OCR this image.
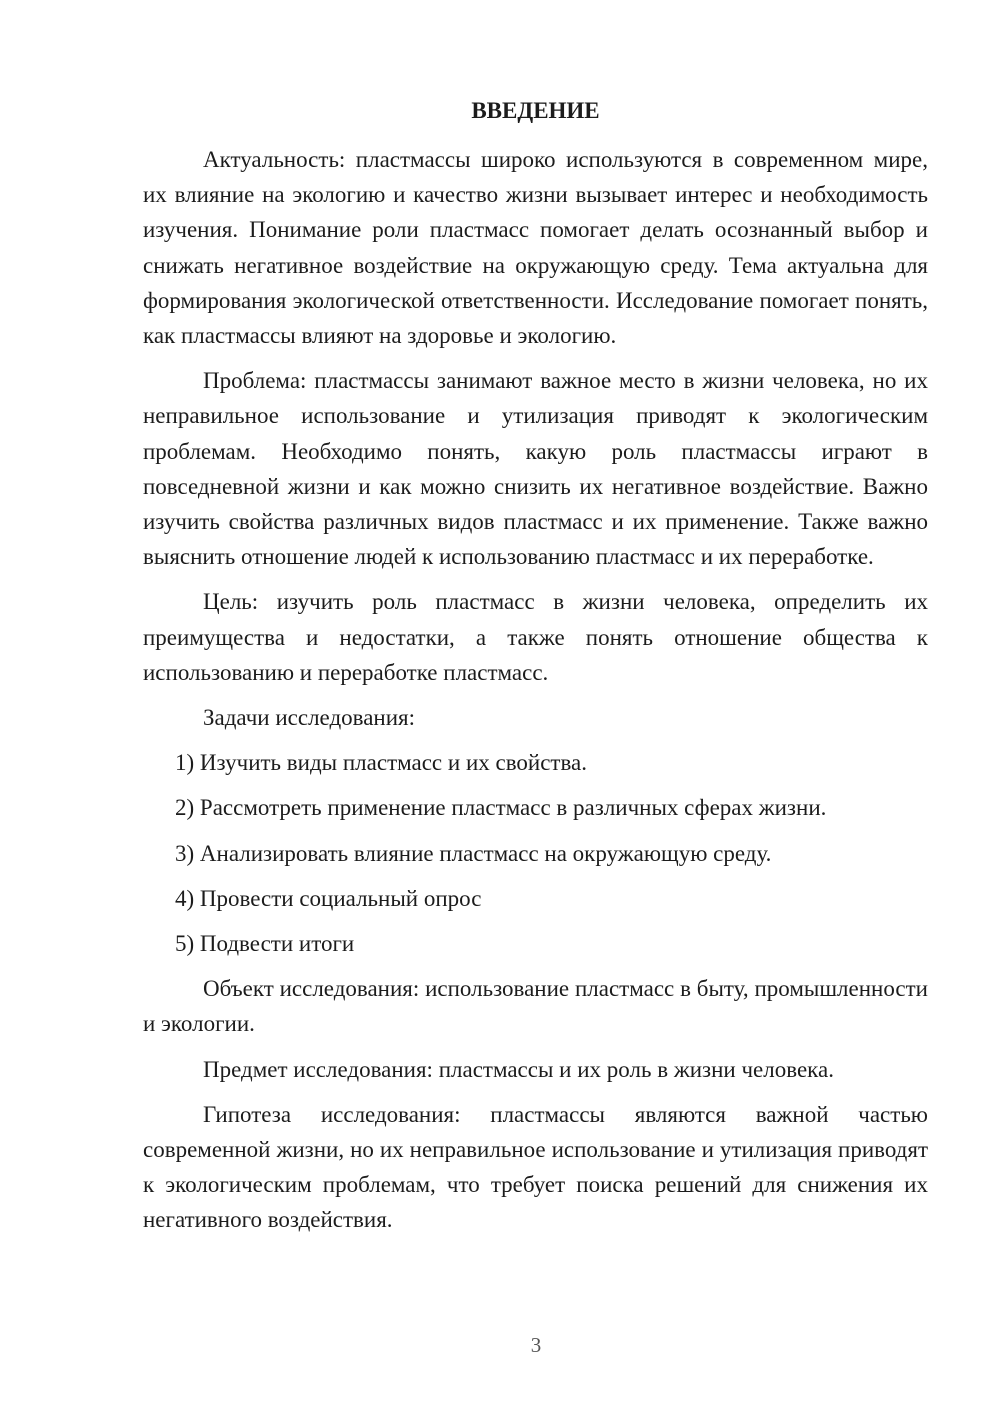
ВВЕДЕНИЕ

Актуальность: пластмассы широко используются в современном мире, их влияние на экологию и качество жизни вызывает интерес и необходимость изучения. Понимание роли пластмасс помогает делать осознанный выбор и снижать негативное воздействие на окружающую среду. Тема актуальна для формирования экологической ответственности. Исследование помогает понять, как пластмассы влияют на здоровье и экологию.

Проблема: пластмассы занимают важное место в жизни человека, но их неправильное использование и утилизация приводят к экологическим проблемам. Необходимо понять, какую роль пластмассы играют в повседневной жизни и как можно снизить их негативное воздействие. Важно изучить свойства различных видов пластмасс и их применение. Также важно выяснить отношение людей к использованию пластмасс и их переработке.

Цель: изучить роль пластмасс в жизни человека, определить их преимущества и недостатки, а также понять отношение общества к использованию и переработке пластмасс.

Задачи исследования:

1) Изучить виды пластмасс и их свойства.

2) Рассмотреть применение пластмасс в различных сферах жизни.

3) Анализировать влияние пластмасс на окружающую среду.

4) Провести социальный опрос

5) Подвести итоги

Объект исследования: использование пластмасс в быту, промышленности и экологии.

Предмет исследования: пластмассы и их роль в жизни человека.

Гипотеза исследования: пластмассы являются важной частью современной жизни, но их неправильное использование и утилизация приводят к экологическим проблемам, что требует поиска решений для снижения их негативного воздействия.

3
